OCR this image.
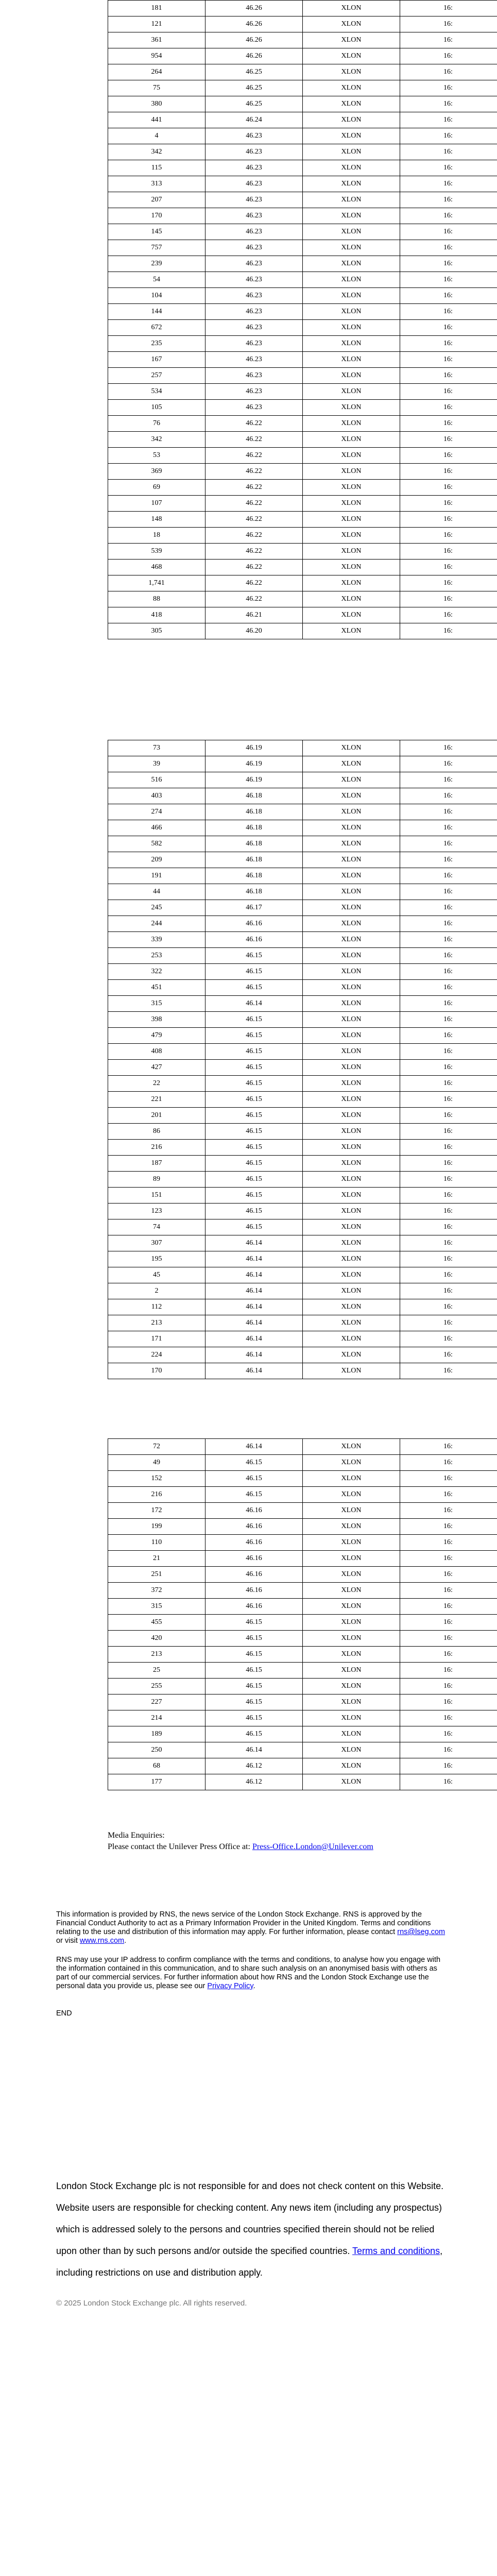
181	46.26	XLON	16:
121	46.26	XLON	16:
361	46.26	XLON	16:
954	46.26	XLON	16:
264	46.25	XLON	16:
75	46.25	XLON	16:
380	46.25	XLON	16:
441	46.24	XLON	16:
4	46.23	XLON	16:
342	46.23	XLON	16:
115	46.23	XLON	16:
313	46.23	XLON	16:
207	46.23	XLON	16:
170	46.23	XLON	16:
145	46.23	XLON	16:
757	46.23	XLON	16:
239	46.23	XLON	16:
54	46.23	XLON	16:
104	46.23	XLON	16:
144	46.23	XLON	16:
672	46.23	XLON	16:
235	46.23	XLON	16:
167	46.23	XLON	16:
257	46.23	XLON	16:
534	46.23	XLON	16:
105	46.23	XLON	16:
76	46.22	XLON	16:
342	46.22	XLON	16:
53	46.22	XLON	16:
369	46.22	XLON	16:
69	46.22	XLON	16:
107	46.22	XLON	16:
148	46.22	XLON	16:
18	46.22	XLON	16:
539	46.22	XLON	16:
468	46.22	XLON	16:
1,741	46.22	XLON	16:
88	46.22	XLON	16:
418	46.21	XLON	16:
305	46.20	XLON	16:
73	46.19	XLON	16:
39	46.19	XLON	16:
516	46.19	XLON	16:
403	46.18	XLON	16:
274	46.18	XLON	16:
466	46.18	XLON	16:
582	46.18	XLON	16:
209	46.18	XLON	16:
191	46.18	XLON	16:
44	46.18	XLON	16:
245	46.17	XLON	16:
244	46.16	XLON	16:
339	46.16	XLON	16:
253	46.15	XLON	16:
322	46.15	XLON	16:
451	46.15	XLON	16:
315	46.14	XLON	16:
398	46.15	XLON	16:
479	46.15	XLON	16:
408	46.15	XLON	16:
427	46.15	XLON	16:
22	46.15	XLON	16:
221	46.15	XLON	16:
201	46.15	XLON	16:
86	46.15	XLON	16:
216	46.15	XLON	16:
187	46.15	XLON	16:
89	46.15	XLON	16:
151	46.15	XLON	16:
123	46.15	XLON	16:
74	46.15	XLON	16:
307	46.14	XLON	16:
195	46.14	XLON	16:
45	46.14	XLON	16:
2	46.14	XLON	16:
112	46.14	XLON	16:
213	46.14	XLON	16:
171	46.14	XLON	16:
224	46.14	XLON	16:
170	46.14	XLON	16:
72	46.14	XLON	16:
49	46.15	XLON	16:
152	46.15	XLON	16:
216	46.15	XLON	16:
172	46.16	XLON	16:
199	46.16	XLON	16:
110	46.16	XLON	16:
21	46.16	XLON	16:
251	46.16	XLON	16:
372	46.16	XLON	16:
315	46.16	XLON	16:
455	46.15	XLON	16:
420	46.15	XLON	16:
213	46.15	XLON	16:
25	46.15	XLON	16:
255	46.15	XLON	16:
227	46.15	XLON	16:
214	46.15	XLON	16:
189	46.15	XLON	16:
250	46.14	XLON	16:
68	46.12	XLON	16:
177	46.12	XLON	16:
Media Enquiries:
Please contact the Unilever Press Office at: Press-Office.London@Unilever.com
This information is provided by RNS, the news service of the London Stock Exchange. RNS is approved by the Financial Conduct Authority to act as a Primary Information Provider in the United Kingdom. Terms and conditions relating to the use and distribution of this information may apply. For further information, please contact rns@lseg.com or visit www.rns.com.
RNS may use your IP address to confirm compliance with the terms and conditions, to analyse how you engage with the information contained in this communication, and to share such analysis on an anonymised basis with others as part of our commercial services. For further information about how RNS and the London Stock Exchange use the personal data you provide us, please see our Privacy Policy.
END
London Stock Exchange plc is not responsible for and does not check content on this Website. Website users are responsible for checking content. Any news item (including any prospectus) which is addressed solely to the persons and countries specified therein should not be relied upon other than by such persons and/or outside the specified countries. Terms and conditions, including restrictions on use and distribution apply.
© 2025 London Stock Exchange plc. All rights reserved.
